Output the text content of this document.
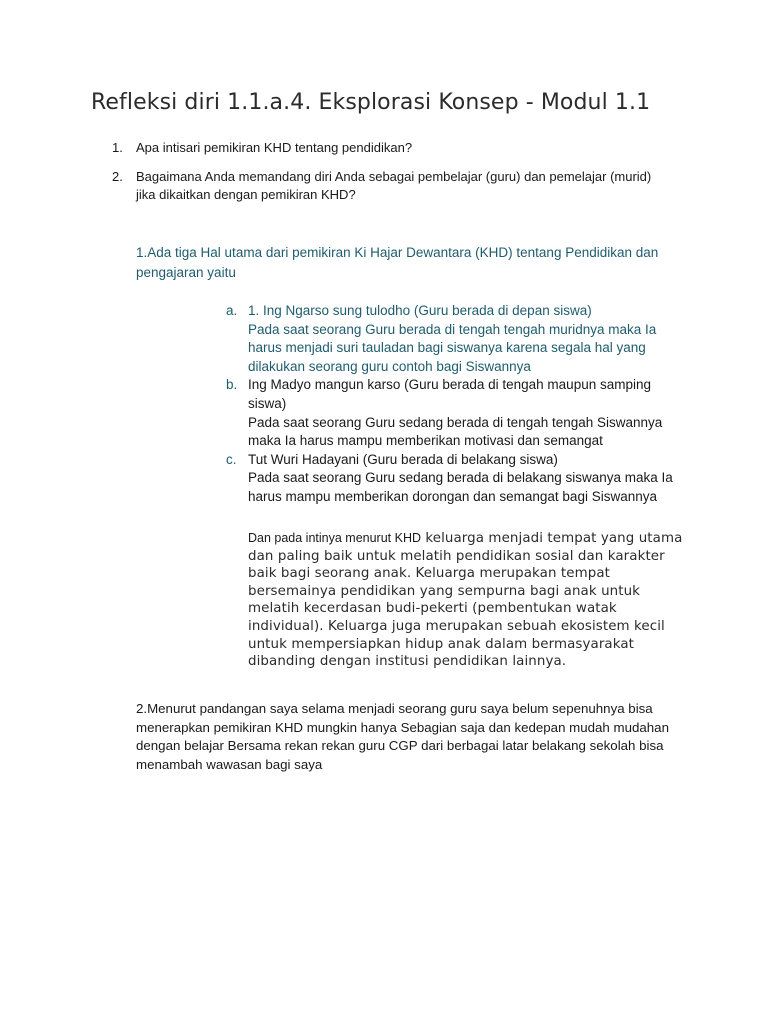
Refleksi diri 1.1.a.4. Eksplorasi Konsep - Modul 1.1
1. Apa intisari pemikiran KHD tentang pendidikan?
2. Bagaimana Anda memandang diri Anda sebagai pembelajar (guru) dan pemelajar (murid) jika dikaitkan dengan pemikiran KHD?

1.Ada tiga Hal utama dari pemikiran Ki Hajar Dewantara (KHD) tentang Pendidikan dan pengajaran yaitu

a. 1. Ing Ngarso sung tulodho (Guru berada di depan siswa)

Pada saat seorang Guru berada di tengah tengah muridnya maka Ia harus menjadi suri tauladan bagi siswanya karena segala hal yang dilakukan seorang guru contoh bagi Siswannya

b. Ing Madyo mangun karso (Guru berada di tengah maupun samping siswa)

Pada saat seorang Guru sedang berada di tengah tengah Siswannya maka Ia harus mampu memberikan motivasi dan semangat

c. Tut Wuri Hadayani (Guru berada di belakang siswa)

Pada saat seorang Guru sedang berada di belakang siswanya maka Ia harus mampu memberikan dorongan dan semangat bagi Siswannya

Dan pada intinya menurut KHD keluarga menjadi tempat yang utama dan paling baik untuk melatih pendidikan sosial dan karakter baik bagi seorang anak. Keluarga merupakan tempat bersemainya pendidikan yang sempurna bagi anak untuk melatih kecerdasan budi-pekerti (pembentukan watak individual). Keluarga juga merupakan sebuah ekosistem kecil untuk mempersiapkan hidup anak dalam bermasyarakat dibanding dengan institusi pendidikan lainnya.

2.Menurut pandangan saya selama menjadi seorang guru saya belum sepenuhnya bisa menerapkan pemikiran KHD mungkin hanya Sebagian saja dan kedepan mudah mudahan dengan belajar Bersama rekan rekan guru CGP dari berbagai latar belakang sekolah bisa menambah wawasan bagi saya
